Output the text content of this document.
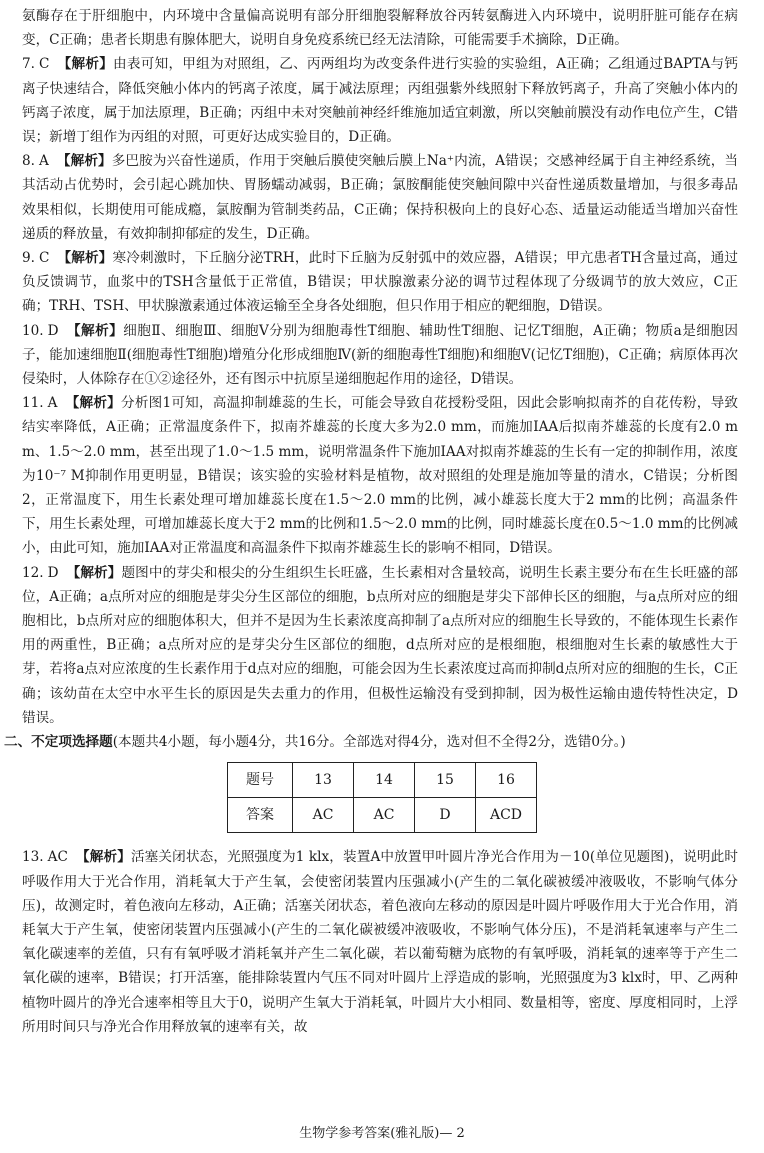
氨酶存在于肝细胞中，内环境中含量偏高说明有部分肝细胞裂解释放谷丙转氨酶进入内环境中，说明肝脏可能存在病变，C正确；患者长期患有腺体肥大，说明自身免疫系统已经无法清除，可能需要手术摘除，D正确。

7. C 【解析】由表可知，甲组为对照组，乙、丙两组均为改变条件进行实验的实验组，A正确；乙组通过BAPTA与钙离子快速结合，降低突触小体内的钙离子浓度，属于减法原理；丙组强紫外线照射下释放钙离子，升高了突触小体内的钙离子浓度，属于加法原理，B正确；丙组中未对突触前神经纤维施加适宜刺激，所以突触前膜没有动作电位产生，C错误；新增丁组作为丙组的对照，可更好达成实验目的，D正确。

8. A 【解析】多巴胺为兴奋性递质，作用于突触后膜使突触后膜上Na⁺内流，A错误；交感神经属于自主神经系统，当其活动占优势时，会引起心跳加快、胃肠蠕动减弱，B正确；氯胺酮能使突触间隙中兴奋性递质数量增加，与很多毒品效果相似，长期使用可能成瘾，氯胺酮为管制类药品，C正确；保持积极向上的良好心态、适量运动能适当增加兴奋性递质的释放量，有效抑制抑郁症的发生，D正确。

9. C 【解析】寒冷刺激时，下丘脑分泌TRH，此时下丘脑为反射弧中的效应器，A错误；甲亢患者TH含量过高，通过负反馈调节，血浆中的TSH含量低于正常值，B错误；甲状腺激素分泌的调节过程体现了分级调节的放大效应，C正确；TRH、TSH、甲状腺激素通过体液运输至全身各处细胞，但只作用于相应的靶细胞，D错误。

10. D 【解析】细胞Ⅱ、细胞Ⅲ、细胞Ⅴ分别为细胞毒性T细胞、辅助性T细胞、记忆T细胞，A正确；物质a是细胞因子，能加速细胞Ⅱ(细胞毒性T细胞)增殖分化形成细胞Ⅳ(新的细胞毒性T细胞)和细胞Ⅴ(记忆T细胞)，C正确；病原体再次侵染时，人体除存在①②途径外，还有图示中抗原呈递细胞起作用的途径，D错误。

11. A 【解析】分析图1可知，高温抑制雄蕊的生长，可能会导致自花授粉受阻，因此会影响拟南芥的自花传粉，导致结实率降低，A正确；正常温度条件下，拟南芥雄蕊的长度大多为2.0 mm，而施加IAA后拟南芥雄蕊的长度有2.0 mm、1.5～2.0 mm，甚至出现了1.0～1.5 mm，说明常温条件下施加IAA对拟南芥雄蕊的生长有一定的抑制作用，浓度为10⁻⁷ M抑制作用更明显，B错误；该实验的实验材料是植物，故对照组的处理是施加等量的清水，C错误；分析图2，正常温度下，用生长素处理可增加雄蕊长度在1.5～2.0 mm的比例，减小雄蕊长度大于2 mm的比例；高温条件下，用生长素处理，可增加雄蕊长度大于2 mm的比例和1.5～2.0 mm的比例，同时雄蕊长度在0.5～1.0 mm的比例减小，由此可知，施加IAA对正常温度和高温条件下拟南芥雄蕊生长的影响不相同，D错误。

12. D 【解析】题图中的芽尖和根尖的分生组织生长旺盛，生长素相对含量较高，说明生长素主要分布在生长旺盛的部位，A正确；a点所对应的细胞是芽尖分生区部位的细胞，b点所对应的细胞是芽尖下部伸长区的细胞，与a点所对应的细胞相比，b点所对应的细胞体积大，但并不是因为生长素浓度高抑制了a点所对应的细胞生长导致的，不能体现生长素作用的两重性，B正确；a点所对应的是芽尖分生区部位的细胞，d点所对应的是根细胞，根细胞对生长素的敏感性大于芽，若将a点对应浓度的生长素作用于d点对应的细胞，可能会因为生长素浓度过高而抑制d点所对应的细胞的生长，C正确；该幼苗在太空中水平生长的原因是失去重力的作用，但极性运输没有受到抑制，因为极性运输由遗传特性决定，D错误。

二、不定项选择题(本题共4小题，每小题4分，共16分。全部选对得4分，选对但不全得2分，选错0分。)

题号	13	14	15	16
答案	AC	AC	D	ACD

13. AC 【解析】活塞关闭状态，光照强度为1 klx，装置A中放置甲叶圆片净光合作用为－10(单位见题图)，说明此时呼吸作用大于光合作用，消耗氧大于产生氧，会使密闭装置内压强减小(产生的二氧化碳被缓冲液吸收，不影响气体分压)，故测定时，着色液向左移动，A正确；活塞关闭状态，着色液向左移动的原因是叶圆片呼吸作用大于光合作用，消耗氧大于产生氧，使密闭装置内压强减小(产生的二氧化碳被缓冲液吸收，不影响气体分压)，不是消耗氧速率与产生二氧化碳速率的差值，只有有氧呼吸才消耗氧并产生二氧化碳，若以葡萄糖为底物的有氧呼吸，消耗氧的速率等于产生二氧化碳的速率，B错误；打开活塞，能排除装置内气压不同对叶圆片上浮造成的影响，光照强度为3 klx时，甲、乙两种植物叶圆片的净光合速率相等且大于0，说明产生氧大于消耗氧，叶圆片大小相同、数量相等，密度、厚度相同时，上浮所用时间只与净光合作用释放氧的速率有关，故

生物学参考答案(雅礼版)— 2
